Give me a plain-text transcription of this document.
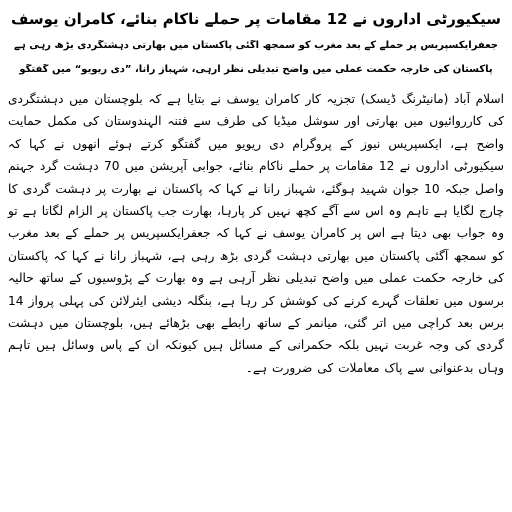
سیکیورٹی اداروں نے 12 مقامات پر حملے ناکام بنائے، کامران یوسف
جعفرایکسپریس پر حملے کے بعد مغرب کو سمجھ آگئی پاکستان میں بھارتی دہشتگردی بڑھ رہی ہے
پاکستان کی خارجہ حکمت عملی میں واضح تبدیلی نظر آرہی، شہباز رانا، ”دی ریویو“ میں گفتگو
اسلام آباد (مانیٹرنگ ڈیسک) تجزیہ کار کامران یوسف نے بتایا ہے کہ بلوچستان میں دہشتگردی کی کارروائیوں میں بھارتی اور سوشل میڈیا کی طرف سے فتنہ الہندوستان کی مکمل حمایت واضح ہے، ایکسپریس نیوز کے پروگرام دی ریویو میں گفتگو کرتے ہوئے انھوں نے کہا کہ سیکیورٹی اداروں نے 12 مقامات پر حملے ناکام بنائے، جوابی آپریشن میں 70 دہشت گرد جہنم واصل جبکہ 10 جوان شہید ہوگئے، شہباز رانا نے کہا کہ پاکستان نے بھارت پر دہشت گردی کا چارج لگایا ہے تاہم وہ اس سے آگے کچھ نہیں کر پارہا، بھارت جب پاکستان پر الزام لگاتا ہے تو وہ جواب بھی دیتا ہے اس پر کامران یوسف نے کہا کہ جعفرایکسپریس پر حملے کے بعد مغرب کو سمجھ آگئی پاکستان میں بھارتی دہشت گردی بڑھ رہی ہے، شہباز رانا نے کہا کہ پاکستان کی خارجہ حکمت عملی میں واضح تبدیلی نظر آرہی ہے وہ بھارت کے پڑوسیوں کے ساتھ حالیہ برسوں میں تعلقات گہرے کرنے کی کوشش کر رہا ہے، بنگلہ دیشی ایئرلائن کی پہلی پرواز 14 برس بعد کراچی میں اتر گئی، میانمر کے ساتھ رابطے بھی بڑھائے ہیں، بلوچستان میں دہشت گردی کی وجہ غربت نہیں بلکہ حکمرانی کے مسائل ہیں کیونکہ ان کے پاس وسائل ہیں تاہم وہاں بدعنوانی سے پاک معاملات کی ضرورت ہے۔
